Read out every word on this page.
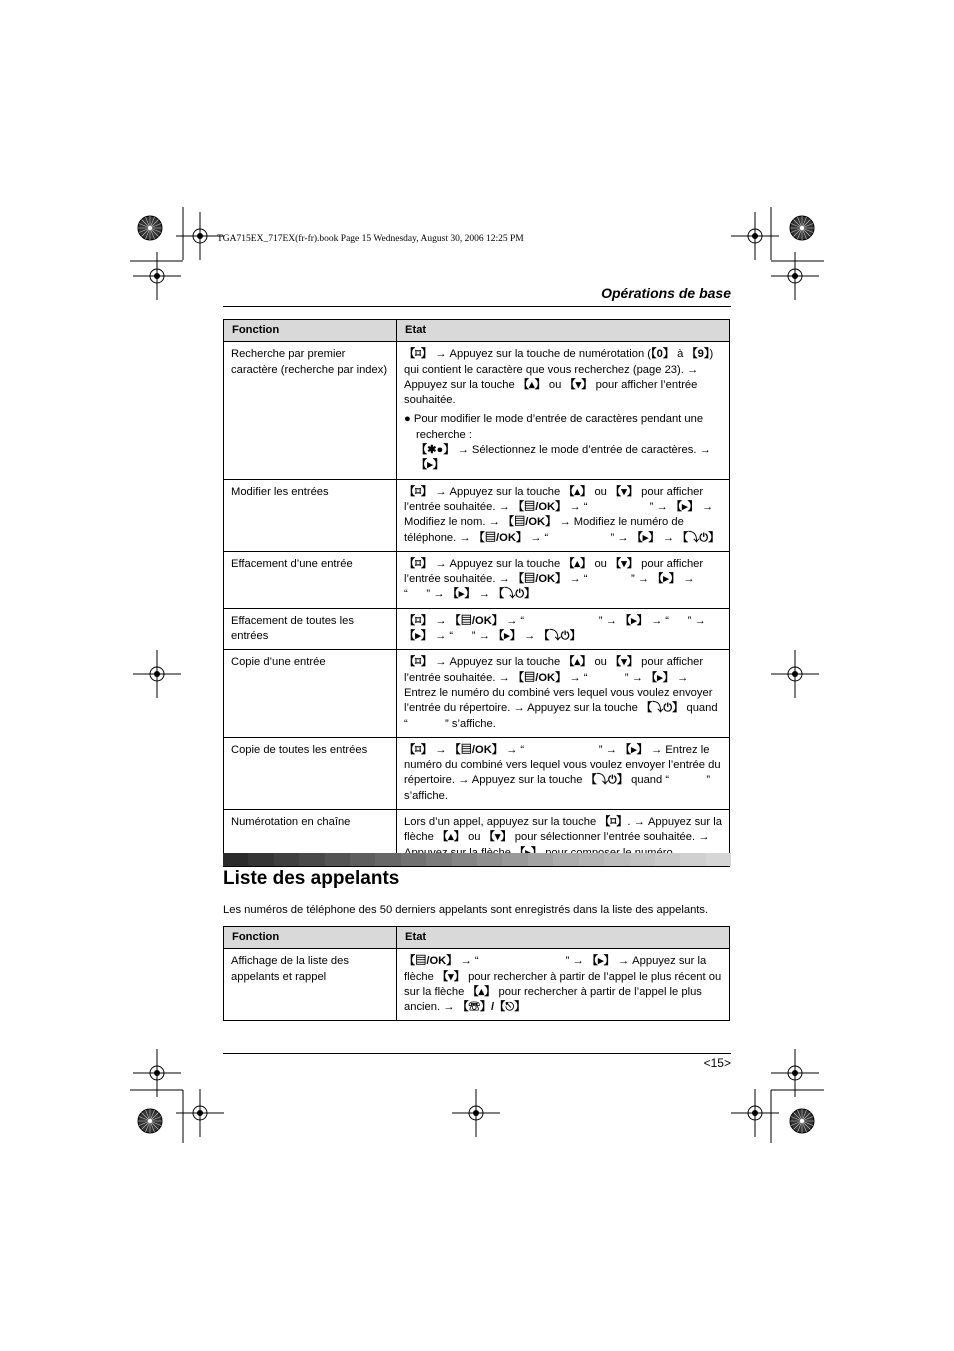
TGA715EX_717EX(fr-fr).book Page 15 Wednesday, August 30, 2006 12:25 PM
Opérations de base
Fonction	Etat
Recherche par premier caractère (recherche par index)	【⌑】 → Appuyez sur la touche de numérotation (【0】 à 【9】) qui contient le caractère que vous recherchez (page 23). → Appuyez sur la touche 【▴】 ou 【▾】 pour afficher l’entrée souhaitée.
● Pour modifier le mode d’entrée de caractères pendant une recherche :
【✱●】 → Sélectionnez le mode d’entrée de caractères. → 【▸】

Modifier les entrées	【⌑】 → Appuyez sur la touche 【▴】 ou 【▾】 pour afficher l’entrée souhaitée. → 【▤/OK】 → “ ” → 【▸】 → Modifiez le nom. → 【▤/OK】 → Modifiez le numéro de téléphone. → 【▤/OK】 → “ ” → 【▸】 → 【⤵⏻】
Effacement d’une entrée	【⌑】 → Appuyez sur la touche 【▴】 ou 【▾】 pour afficher l’entrée souhaitée. → 【▤/OK】 → “ ” → 【▸】 → “ ” → 【▸】 → 【⤵⏻】
Effacement de toutes les entrées	【⌑】 → 【▤/OK】 → “ ” → 【▸】 → “ ” → 【▸】 → “ ” → 【▸】 → 【⤵⏻】
Copie d’une entrée	【⌑】 → Appuyez sur la touche 【▴】 ou 【▾】 pour afficher l’entrée souhaitée. → 【▤/OK】 → “ ” → 【▸】 → Entrez le numéro du combiné vers lequel vous voulez envoyer l’entrée du répertoire. → Appuyez sur la touche 【⤵⏻】 quand “ ” s’affiche.
Copie de toutes les entrées	【⌑】 → 【▤/OK】 → “ ” → 【▸】 → Entrez le numéro du combiné vers lequel vous voulez envoyer l’entrée du répertoire. → Appuyez sur la touche 【⤵⏻】 quand “ ” s’affiche.
Numérotation en chaîne	Lors d’un appel, appuyez sur la touche 【⌑】. → Appuyez sur la flèche 【▴】 ou 【▾】 pour sélectionner l’entrée souhaitée. →
Liste des appelants
Les numéros de téléphone des 50 derniers appelants sont enregistrés dans la liste des appelants.
Fonction	Etat
Affichage de la liste des appelants et rappel	【▤/OK】 → “ ” → 【▸】 → Appuyez sur la flèche 【▾】 pour rechercher à partir de l’appel le plus récent ou sur la flèche 【▴】 pour rechercher à partir de l’appel le plus ancien. → 【☏】/【⎋】
<15>
